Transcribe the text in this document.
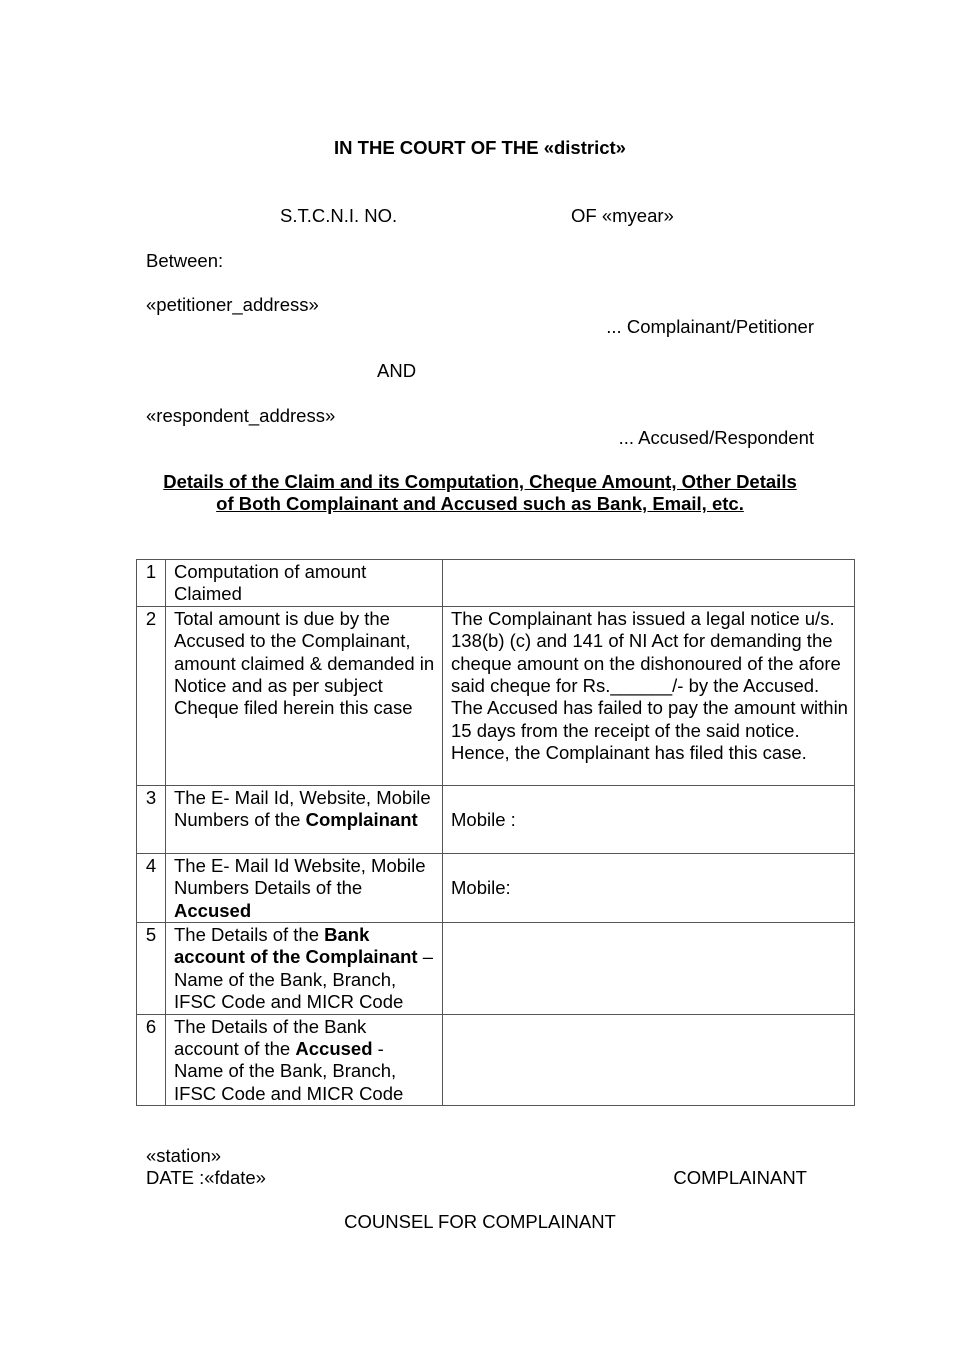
IN THE COURT OF THE «district»
S.T.C.N.I. NO.	OF «myear»
Between:
«petitioner_address»
... Complainant/Petitioner
AND
«respondent_address»
... Accused/Respondent
Details of the Claim and its Computation, Cheque Amount, Other Details
of Both Complainant and Accused such as Bank, Email, etc.
1	Computation of amount Claimed	
2	Total amount is due by the Accused to the Complainant, amount claimed & demanded in Notice and as per subject Cheque filed herein this case	The Complainant has issued a legal notice u/s. 138(b) (c) and 141 of NI Act for demanding the cheque amount on the dishonoured of the afore said cheque for Rs.______/- by the Accused. The Accused has failed to pay the amount within 15 days from the receipt of the said notice. Hence, the Complainant has filed this case.
3	The E- Mail Id, Website, Mobile Numbers of the Complainant	Mobile :

4	The E- Mail Id Website, Mobile Numbers Details of the Accused	Mobile:

5	The Details of the Bank account of the Complainant – Name of the Bank, Branch, IFSC Code and MICR Code	
6	The Details of the Bank account of the Accused - Name of the Bank, Branch, IFSC Code and MICR Code	
«station»
DATE :«fdate»	COMPLAINANT
COUNSEL FOR COMPLAINANT
